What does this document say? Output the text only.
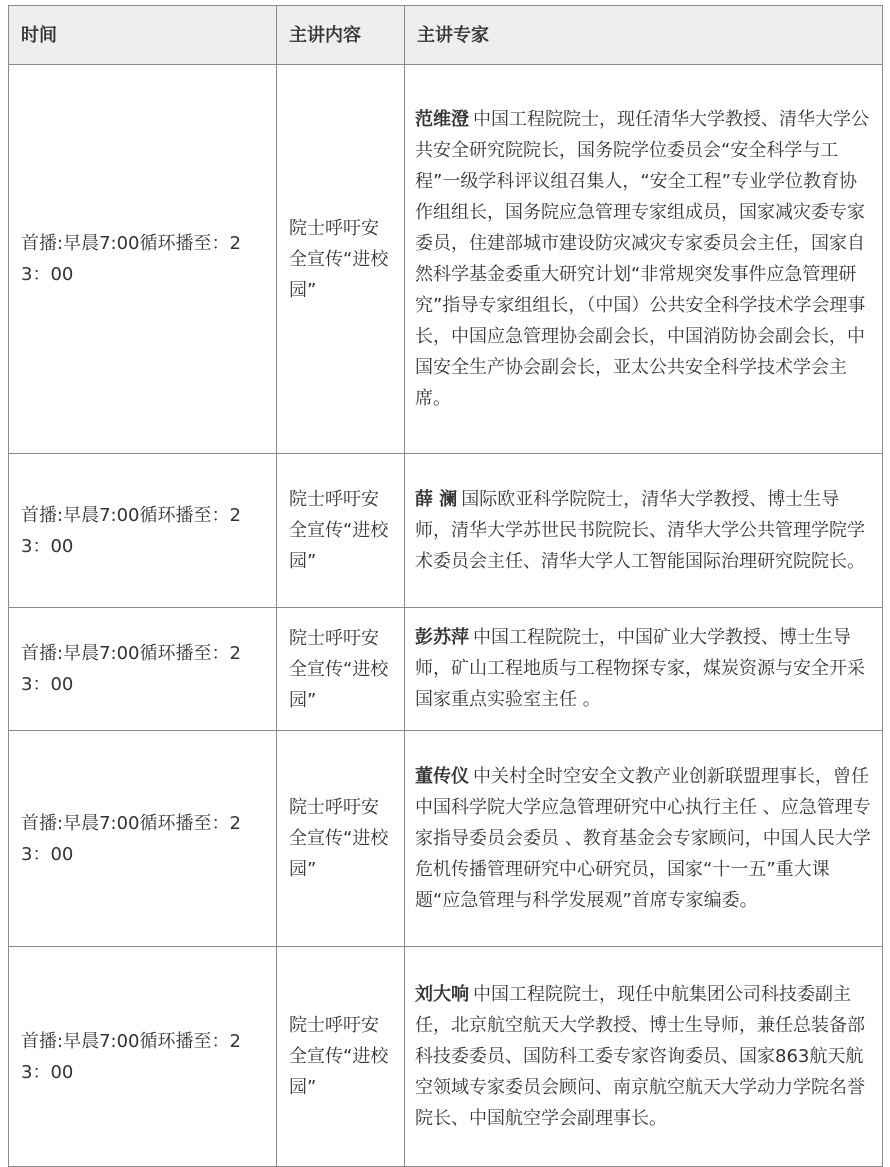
时间	主讲内容	主讲专家
首播:早晨7:00循环播至：23：00	院士呼吁安全宣传“进校园”	范维澄 中国工程院院士，现任清华大学教授、清华大学公共安全研究院院长，国务院学位委员会“安全科学与工程”一级学科评议组召集人，“安全工程”专业学位教育协作组组长，国务院应急管理专家组成员，国家减灾委专家委员，住建部城市建设防灾减灾专家委员会主任，国家自然科学基金委重大研究计划“非常规突发事件应急管理研究”指导专家组组长，（中国）公共安全科学技术学会理事长，中国应急管理协会副会长，中国消防协会副会长，中国安全生产协会副会长，亚太公共安全科学技术学会主席。
首播:早晨7:00循环播至：23：00	院士呼吁安全宣传“进校园”	薛 澜 国际欧亚科学院院士，清华大学教授、博士生导师，清华大学苏世民书院院长、清华大学公共管理学院学术委员会主任、清华大学人工智能国际治理研究院院长。
首播:早晨7:00循环播至：23：00	院士呼吁安全宣传“进校园”	彭苏萍 中国工程院院士，中国矿业大学教授、博士生导师，矿山工程地质与工程物探专家，煤炭资源与安全开采国家重点实验室主任 。
首播:早晨7:00循环播至：23：00	院士呼吁安全宣传“进校园”	董传仪 中关村全时空安全文教产业创新联盟理事长，曾任中国科学院大学应急管理研究中心执行主任 、应急管理专家指导委员会委员 、教育基金会专家顾问，中国人民大学危机传播管理研究中心研究员，国家“十一五”重大课题“应急管理与科学发展观”首席专家编委。
首播:早晨7:00循环播至：23：00	院士呼吁安全宣传“进校园”	刘大响 中国工程院院士，现任中航集团公司科技委副主任，北京航空航天大学教授、博士生导师，兼任总装备部科技委委员、国防科工委专家咨询委员、国家863航天航空领域专家委员会顾问、南京航空航天大学动力学院名誉院长、中国航空学会副理事长。
